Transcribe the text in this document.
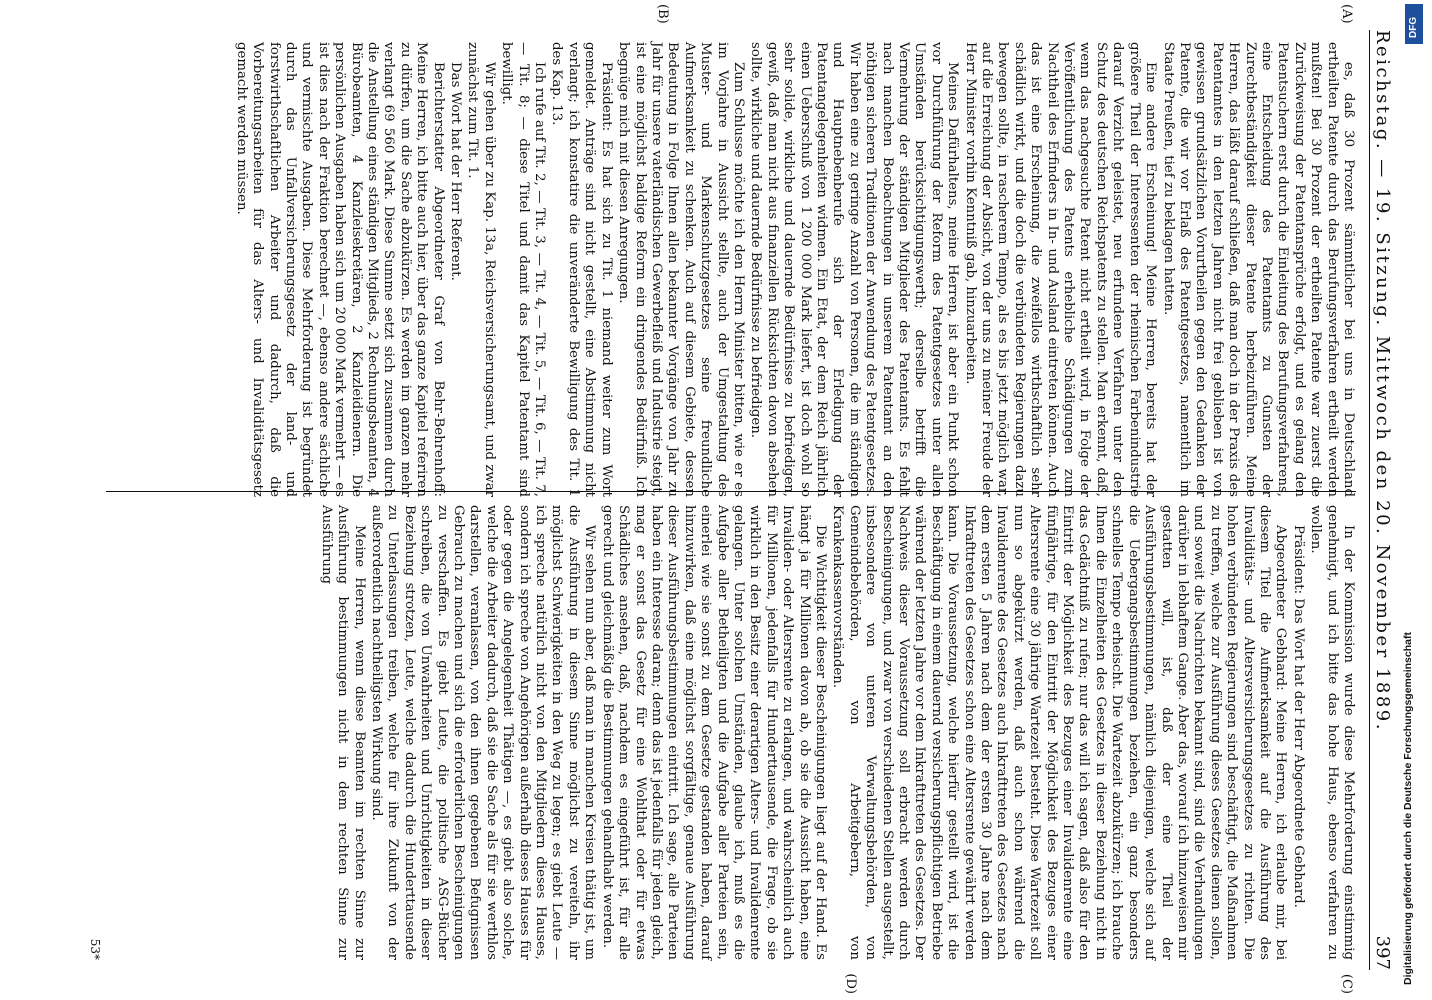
Reichstag. — 19. Sitzung. Mittwoch den 20. November 1889.
397
(A)
(B)
(C)
(D)

es, daß 30 Prozent sämmtlicher bei uns in Deutschland ertheilten Patente durch das Berufungsverfahren ertheilt werden mußten! Bei 30 Prozent der ertheilten Patente war zuerst die Zurückweisung der Patentansprüche erfolgt, und es gelang den Patentsuchern erst durch die Einleitung des Berufungsverfahrens, eine Entscheidung des Patentamts zu Gunsten der Zurechtbeständigkeit dieser Patente herbeizuführen. Meine Herren, das läßt darauf schließen, daß man doch in der Praxis des Patentamtes in den letzten Jahren nicht frei geblieben ist von gewissen grundsätzlichen Vorurtheilen gegen den Gedanken der Patente, die wir vor Erlaß des Patentgesetzes, namentlich im Staate Preußen, tief zu beklagen hatten.

Eine andere Erscheinung! Meine Herren, bereits hat der größere Theil der Interessenten der rheinischen Farbenindustrie darauf Verzicht geleistet, neu erfundene Verfahren unter den Schutz des deutschen Reichspatents zu stellen. Man erkennt, daß, wenn das nachgesuchte Patent nicht ertheilt wird, in Folge der Veröffentlichung des Patents erhebliche Schädigungen zum Nachtheil des Erfinders in In- und Ausland eintreten können. Auch das ist eine Erscheinung, die zweifellos wirthschaftlich sehr schädlich wirkt, und die doch die verbündeten Regierungen dazu bewegen sollte, in rascherem Tempo, als es bis jetzt möglich war, auf die Erreichung der Absicht, von der uns zu meiner Freude der Herr Minister vorhin Kenntniß gab, hinzuarbeiten.

Meines Dafürhaltens, meine Herren, ist aber ein Punkt schon vor Durchführung der Reform des Patentgesetzes unter allen Umständen berücksichtigungswerth; derselbe betrifft die Vermehrung der ständigen Mitglieder des Patentamts. Es fehlt nach manchen Beobachtungen in unserem Patentamt an den nöthigen sicheren Traditionen der Anwendung des Patentgesetzes. Wir haben eine zu geringe Anzahl von Personen, die im ständigen und Hauptnebenberufe sich der Erledigung der Patentangelegenheiten widmen. Ein Etat, der dem Reich jährlich einen Ueberschuß von 1 200 000 Mark liefert, ist doch wohl so sehr solide, wirkliche und dauernde Bedürfnisse zu befriedigen, gewiß, daß man nicht aus finanziellen Rücksichten davon absehen sollte, wirkliche und dauernde Bedürfnisse zu befriedigen.

Zum Schlusse möchte ich den Herrn Minister bitten, wie er es im Vorjahre in Aussicht stellte, auch der Umgestaltung des Muster- und Markenschutzgesetzes seine freundliche Aufmerksamkeit zu schenken. Auch auf diesem Gebiete, dessen Bedeutung in Folge Ihnen allen bekannter Vorgänge von Jahr zu Jahr für unsere vaterländischen Gewerbefleiß und Industrie steigt, ist eine möglichst baldige Reform ein dringendes Bedürfniß. Ich begnüge mich mit diesen Anregungen.

Präsident: Es hat sich zu Tit. 1 niemand weiter zum Wort gemeldet. Anträge sind nicht gestellt, eine Abstimmung nicht verlangt; ich konstatire die unveränderte Bewilligung des Tit. 1 des Kap. 13.

Ich rufe auf Tit. 2, — Tit. 3, — Tit. 4, — Tit. 5, — Tit. 6, — Tit. 7, — Tit. 8; — diese Titel und damit das Kapitel Patentamt sind bewilligt.

Wir gehen über zu Kap. 13a, Reichsversicherungsamt, und zwar zunächst zum Tit. 1.

Das Wort hat der Herr Referent.

Berichterstatter Abgeordneter Graf von Behr-Behrenhoff: Meine Herren, ich bitte auch hier, über das ganze Kapitel referiren zu dürfen, um die Sache abzukürzen. Es werden im ganzen mehr verlangt 69 560 Mark. Diese Summe setzt sich zusammen durch die Anstellung eines ständigen Mitglieds, 2 Rechnungsbeamten, 4 Bürobeamten, 4 Kanzleisekretären, 2 Kanzleidienern. Die persönlichen Ausgaben haben sich um 20 000 Mark vermehrt — es ist dies nach der Fraktion berechnet —, ebenso andere sächliche und vermischte Ausgaben. Diese Mehrforderung ist begründet durch das Unfallversicherungsgesetz der land- und forstwirthschaftlichen Arbeiter und dadurch, daß die Vorbereitungsarbeiten für das Alters- und Invaliditätsgesetz gemacht werden müssen.

In der Kommission wurde diese Mehrforderung einstimmig genehmigt, und ich bitte das hohe Haus, ebenso verfahren zu wollen.

Präsident: Das Wort hat der Herr Abgeordnete Gebhard.

Abgeordneter Gebhard: Meine Herren, ich erlaube mir, bei diesem Titel die Aufmerksamkeit auf die Ausführung des Invaliditäts- und Altersversicherungsgesetzes zu richten. Die hohen verbündeten Regierungen sind beschäftigt, die Maßnahmen zu treffen, welche zur Ausführung dieses Gesetzes dienen sollen, und soweit die Nachrichten bekannt sind, sind die Verhandlungen darüber in lebhaftem Gange. Aber das, worauf ich hinzuweisen mir gestatten will, ist, daß der eine Theil der Ausführungsbestimmungen, nämlich diejenigen, welche sich auf die Uebergangsbestimmungen beziehen, ein ganz besonders schnelles Tempo erheischt. Die Wartezeit abzukürzen; ich brauche Ihnen die Einzelheiten des Gesetzes in dieser Beziehung nicht in das Gedächtniß zu rufen; nur das will ich sagen, daß also für den Eintritt der Möglichkeit des Bezuges einer Invalidenrente eine fünfjährige, für den Eintritt der Möglichkeit des Bezuges einer Altersrente eine 30 jährige Wartezeit besteht. Diese Wartezeit soll nun so abgekürzt werden, daß auch schon während die Invalidenrente des Gesetzes auch Inkrafttreten des Gesetzes nach dem ersten 5 Jahren nach dem der ersten 30 Jahre nach dem Inkrafttreten des Gesetzes schon eine Altersrente gewährt werden kann. Die Voraussetzung, welche hierfür gestellt wird, ist die Beschäftigung in einem dauernd versicherungspflichtigen Betriebe während der letzten Jahre vor dem Inkrafttreten des Gesetzes. Der Nachweis dieser Voraussetzung soll erbracht werden durch Bescheinigungen, und zwar von verschiedenen Stellen ausgestellt, insbesondere von unteren Verwaltungsbehörden, von Gemeindebehörden, von Arbeitgebern, von Krankenkassenvorständen.

Die Wichtigkeit dieser Bescheinigungen liegt auf der Hand. Es hängt ja für Millionen davon ab, ob sie die Aussicht haben, eine Invaliden- oder Altersrente zu erlangen, und wahrscheinlich auch für Millionen, jedenfalls für Hunderttausende, die Frage, ob sie wirklich in den Besitz einer derartigen Alters- und Invalidenrente gelangen. Unter solchen Umständen, glaube ich, muß es die Aufgabe aller Betheiligten und die Aufgabe aller Parteien sein, einerlei wie sie sonst zu dem Gesetze gestanden haben, darauf hinzuwirken, daß eine möglichst sorgfältige, genaue Ausführung dieser Ausführungsbestimmungen eintritt. Ich sage, alle Parteien haben ein Interesse daran; denn das ist jedenfalls für jeden gleich, mag er sonst das Gesetz für eine Wohlthat oder für etwas Schädliches ansehen, daß, nachdem es eingeführt ist, für alle gerecht und gleichmäßig die Bestimmungen gehandhabt werden.

Wir sehen nun aber, daß man in manchen Kreisen thätig ist, um die Ausführung in diesem Sinne möglichst zu vereiteln, ihr möglichst Schwierigkeiten in den Weg zu legen; es giebt Leute — ich spreche natürlich nicht von den Mitgliedern dieses Hauses, sondern ich spreche von Angehörigen außerhalb dieses Hauses für oder gegen die Angelegenheit Thätigen —, es giebt also solche, welche die Arbeiter dadurch, daß sie die Sache als für sie werthlos darstellen, veranlassen, von den ihnen gegebenen Befugnissen Gebrauch zu machen und sich die erforderlichen Bescheinigungen zu verschaffen. Es giebt Leute, die politische ASG-Bücher schreiben, die von Unwahrheiten und Unrichtigkeiten in dieser Beziehung strotzen, Leute, welche dadurch die Hunderttausende zu Unterlassungen treiben, welche für ihre Zukunft von der außerordentlich nachtheiligsten Wirkung sind.

Meine Herren, wenn diese Beamten im rechten Sinne zur Ausführung bestimmungen nicht in dem rechten Sinne zur Ausführung

53*
DFG
Digitalisierung gefördert durch die Deutsche Forschungsgemeinschaft
